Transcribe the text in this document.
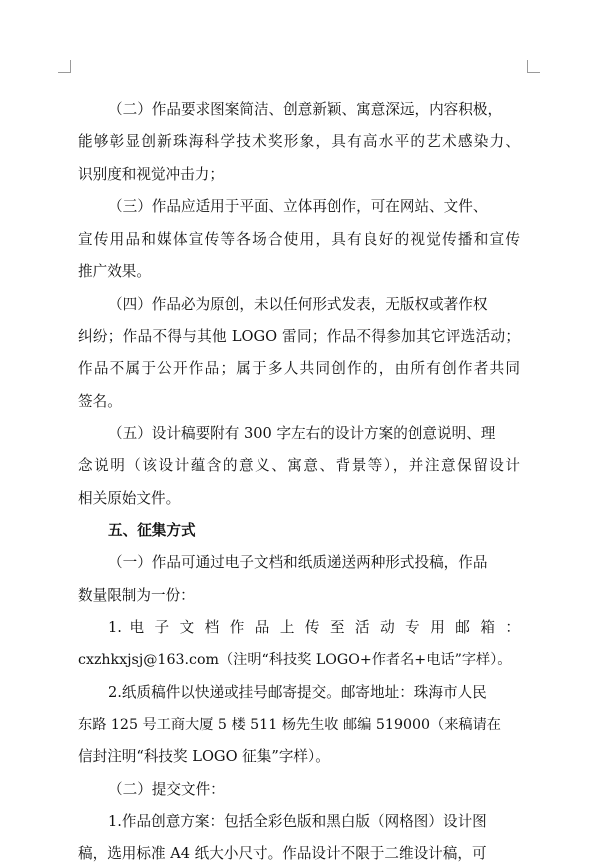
（二）作品要求图案简洁、创意新颖、寓意深远，内容积极，
能够彰显创新珠海科学技术奖形象，具有高水平的艺术感染力、
识别度和视觉冲击力；
（三）作品应适用于平面、立体再创作，可在网站、文件、
宣传用品和媒体宣传等各场合使用，具有良好的视觉传播和宣传
推广效果。
（四）作品必为原创，未以任何形式发表，无版权或著作权
纠纷；作品不得与其他 LOGO 雷同；作品不得参加其它评选活动；
作品不属于公开作品；属于多人共同创作的，由所有创作者共同
签名。
（五）设计稿要附有 300 字左右的设计方案的创意说明、理
念说明（该设计蕴含的意义、寓意、背景等），并注意保留设计
相关原始文件。
五、征集方式
（一）作品可通过电子文档和纸质递送两种形式投稿，作品
数量限制为一份：
1. 电 子 文 档 作 品 上 传 至 活 动 专 用 邮 箱 ：
cxzhkxjsj@163.com（注明“科技奖 LOGO+作者名+电话”字样）。
2.纸质稿件以快递或挂号邮寄提交。邮寄地址：珠海市人民
东路 125 号工商大厦 5 楼 511 杨先生收 邮编 519000（来稿请在
信封注明“科技奖 LOGO 征集”字样）。
（二）提交文件：
1.作品创意方案：包括全彩色版和黑白版（网格图）设计图
稿，选用标准 A4 纸大小尺寸。作品设计不限于二维设计稿，可
